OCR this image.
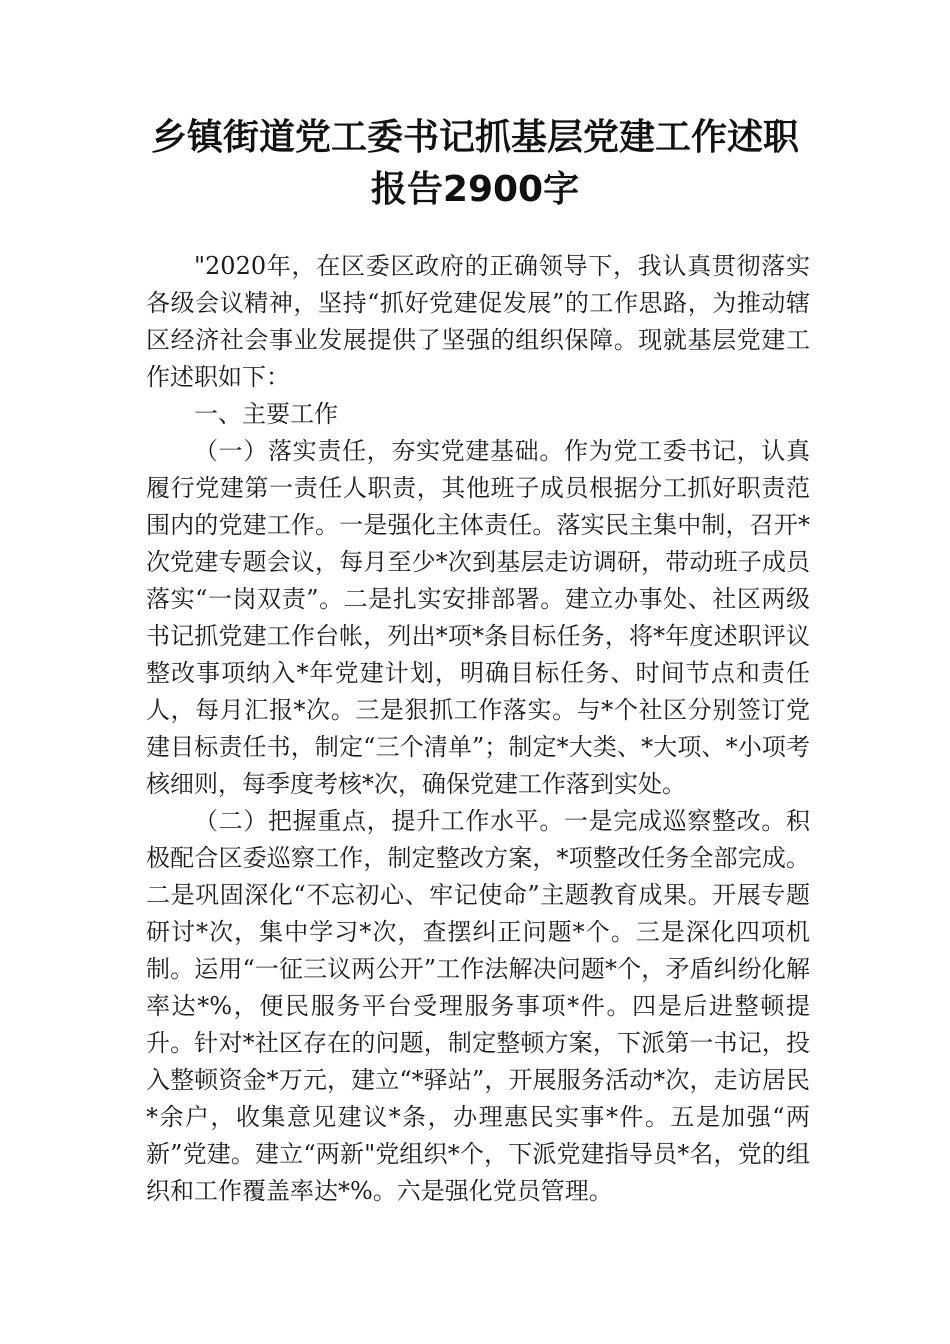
乡镇街道党工委书记抓基层党建工作述职报告2900字

"2020年，在区委区政府的正确领导下，我认真贯彻落实各级会议精神，坚持“抓好党建促发展”的工作思路，为推动辖区经济社会事业发展提供了坚强的组织保障。现就基层党建工作述职如下：

一、主要工作

（一）落实责任，夯实党建基础。作为党工委书记，认真履行党建第一责任人职责，其他班子成员根据分工抓好职责范围内的党建工作。一是强化主体责任。落实民主集中制，召开*次党建专题会议，每月至少*次到基层走访调研，带动班子成员落实“一岗双责”。二是扎实安排部署。建立办事处、社区两级书记抓党建工作台帐，列出*项*条目标任务，将*年度述职评议整改事项纳入*年党建计划，明确目标任务、时间节点和责任人，每月汇报*次。三是狠抓工作落实。与*个社区分别签订党建目标责任书，制定“三个清单”；制定*大类、*大项、*小项考核细则，每季度考核*次，确保党建工作落到实处。

（二）把握重点，提升工作水平。一是完成巡察整改。积极配合区委巡察工作，制定整改方案，*项整改任务全部完成。二是巩固深化“不忘初心、牢记使命”主题教育成果。开展专题研讨*次，集中学习*次，查摆纠正问题*个。三是深化四项机制。运用“一征三议两公开”工作法解决问题*个，矛盾纠纷化解率达*%，便民服务平台受理服务事项*件。四是后进整顿提升。针对*社区存在的问题，制定整顿方案，下派第一书记，投入整顿资金*万元，建立“*驿站”，开展服务活动*次，走访居民*余户，收集意见建议*条，办理惠民实事*件。五是加强“两新”党建。建立“两新"党组织*个，下派党建指导员*名，党的组织和工作覆盖率达*%。六是强化党员管理。
